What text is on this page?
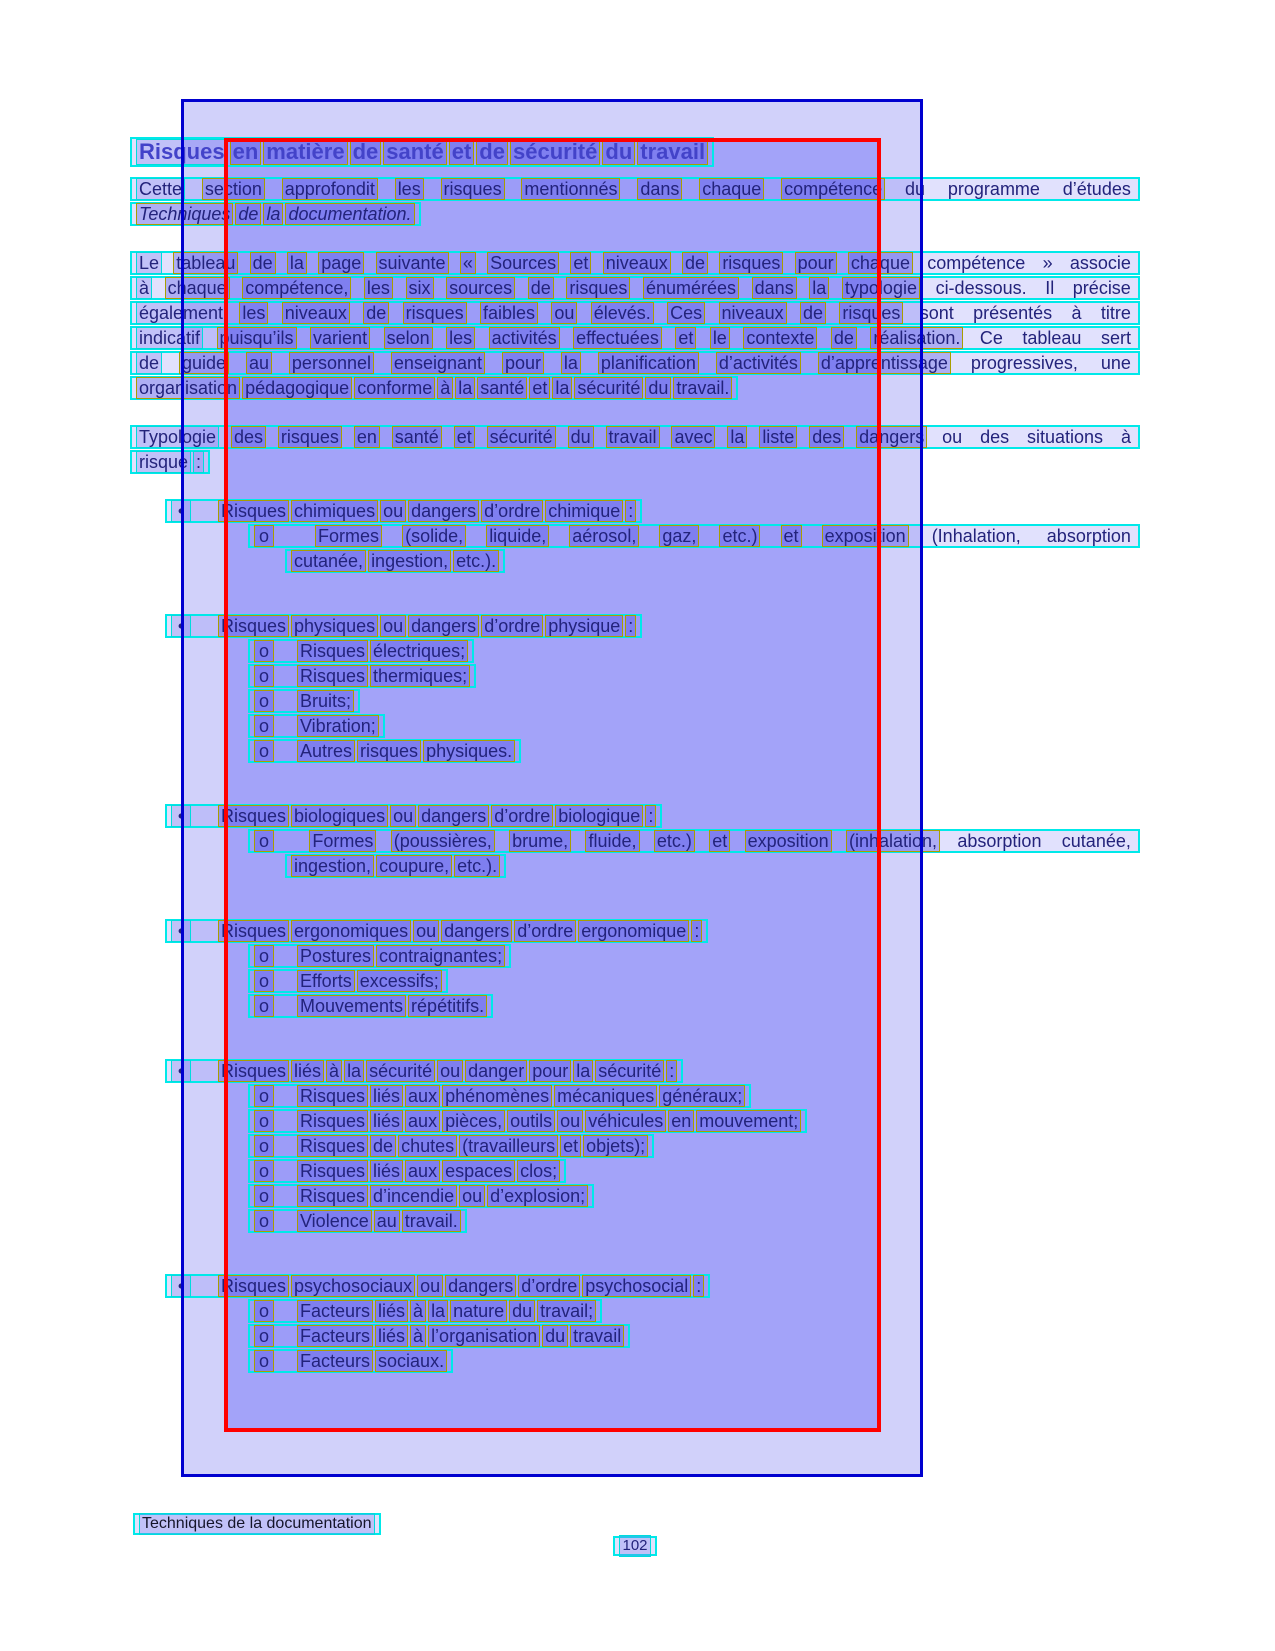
Risques en matière de santé et de sécurité du travail
Cette section approfondit les risques mentionnés dans chaque compétence du programme d’études
Techniques de la documentation.
Le tableau de la page suivante « Sources et niveaux de risques pour chaque compétence » associe
à chaque compétence, les six sources de risques énumérées dans la typologie ci-dessous. Il précise
également les niveaux de risques faibles ou élevés. Ces niveaux de risques sont présentés à titre
indicatif puisqu’ils varient selon les activités effectuées et le contexte de réalisation. Ce tableau sert
de guide au personnel enseignant pour la planification d’activités d’apprentissage progressives, une
organisation pédagogique conforme à la santé et la sécurité du travail.
Typologie des risques en santé et sécurité du travail avec la liste des dangers ou des situations à
risque :
•	Risques chimiques ou dangers d’ordre chimique :
o	Formes (solide, liquide, aérosol, gaz, etc.) et exposition (Inhalation, absorption
cutanée, ingestion, etc.).
•	Risques physiques ou dangers d’ordre physique :
o Risques électriques;
o Risques thermiques;
o Bruits;
o Vibration;
o Autres risques physiques.
•	Risques biologiques ou dangers d’ordre biologique :
o Formes (poussières, brume, fluide, etc.) et exposition (inhalation, absorption cutanée,
ingestion, coupure, etc.).
•	Risques ergonomiques ou dangers d’ordre ergonomique :
o Postures contraignantes;
o Efforts excessifs;
o Mouvements répétitifs.
•	Risques liés à la sécurité ou danger pour la sécurité :
o Risques liés aux phénomènes mécaniques généraux;
o Risques liés aux pièces, outils ou véhicules en mouvement;
o Risques de chutes (travailleurs et objets);
o Risques liés aux espaces clos;
o Risques d’incendie ou d’explosion;
o Violence au travail.
•	Risques psychosociaux ou dangers d’ordre psychosocial :
o Facteurs liés à la nature du travail;
o Facteurs liés à l’organisation du travail
o Facteurs sociaux.
Techniques de la documentation
102
